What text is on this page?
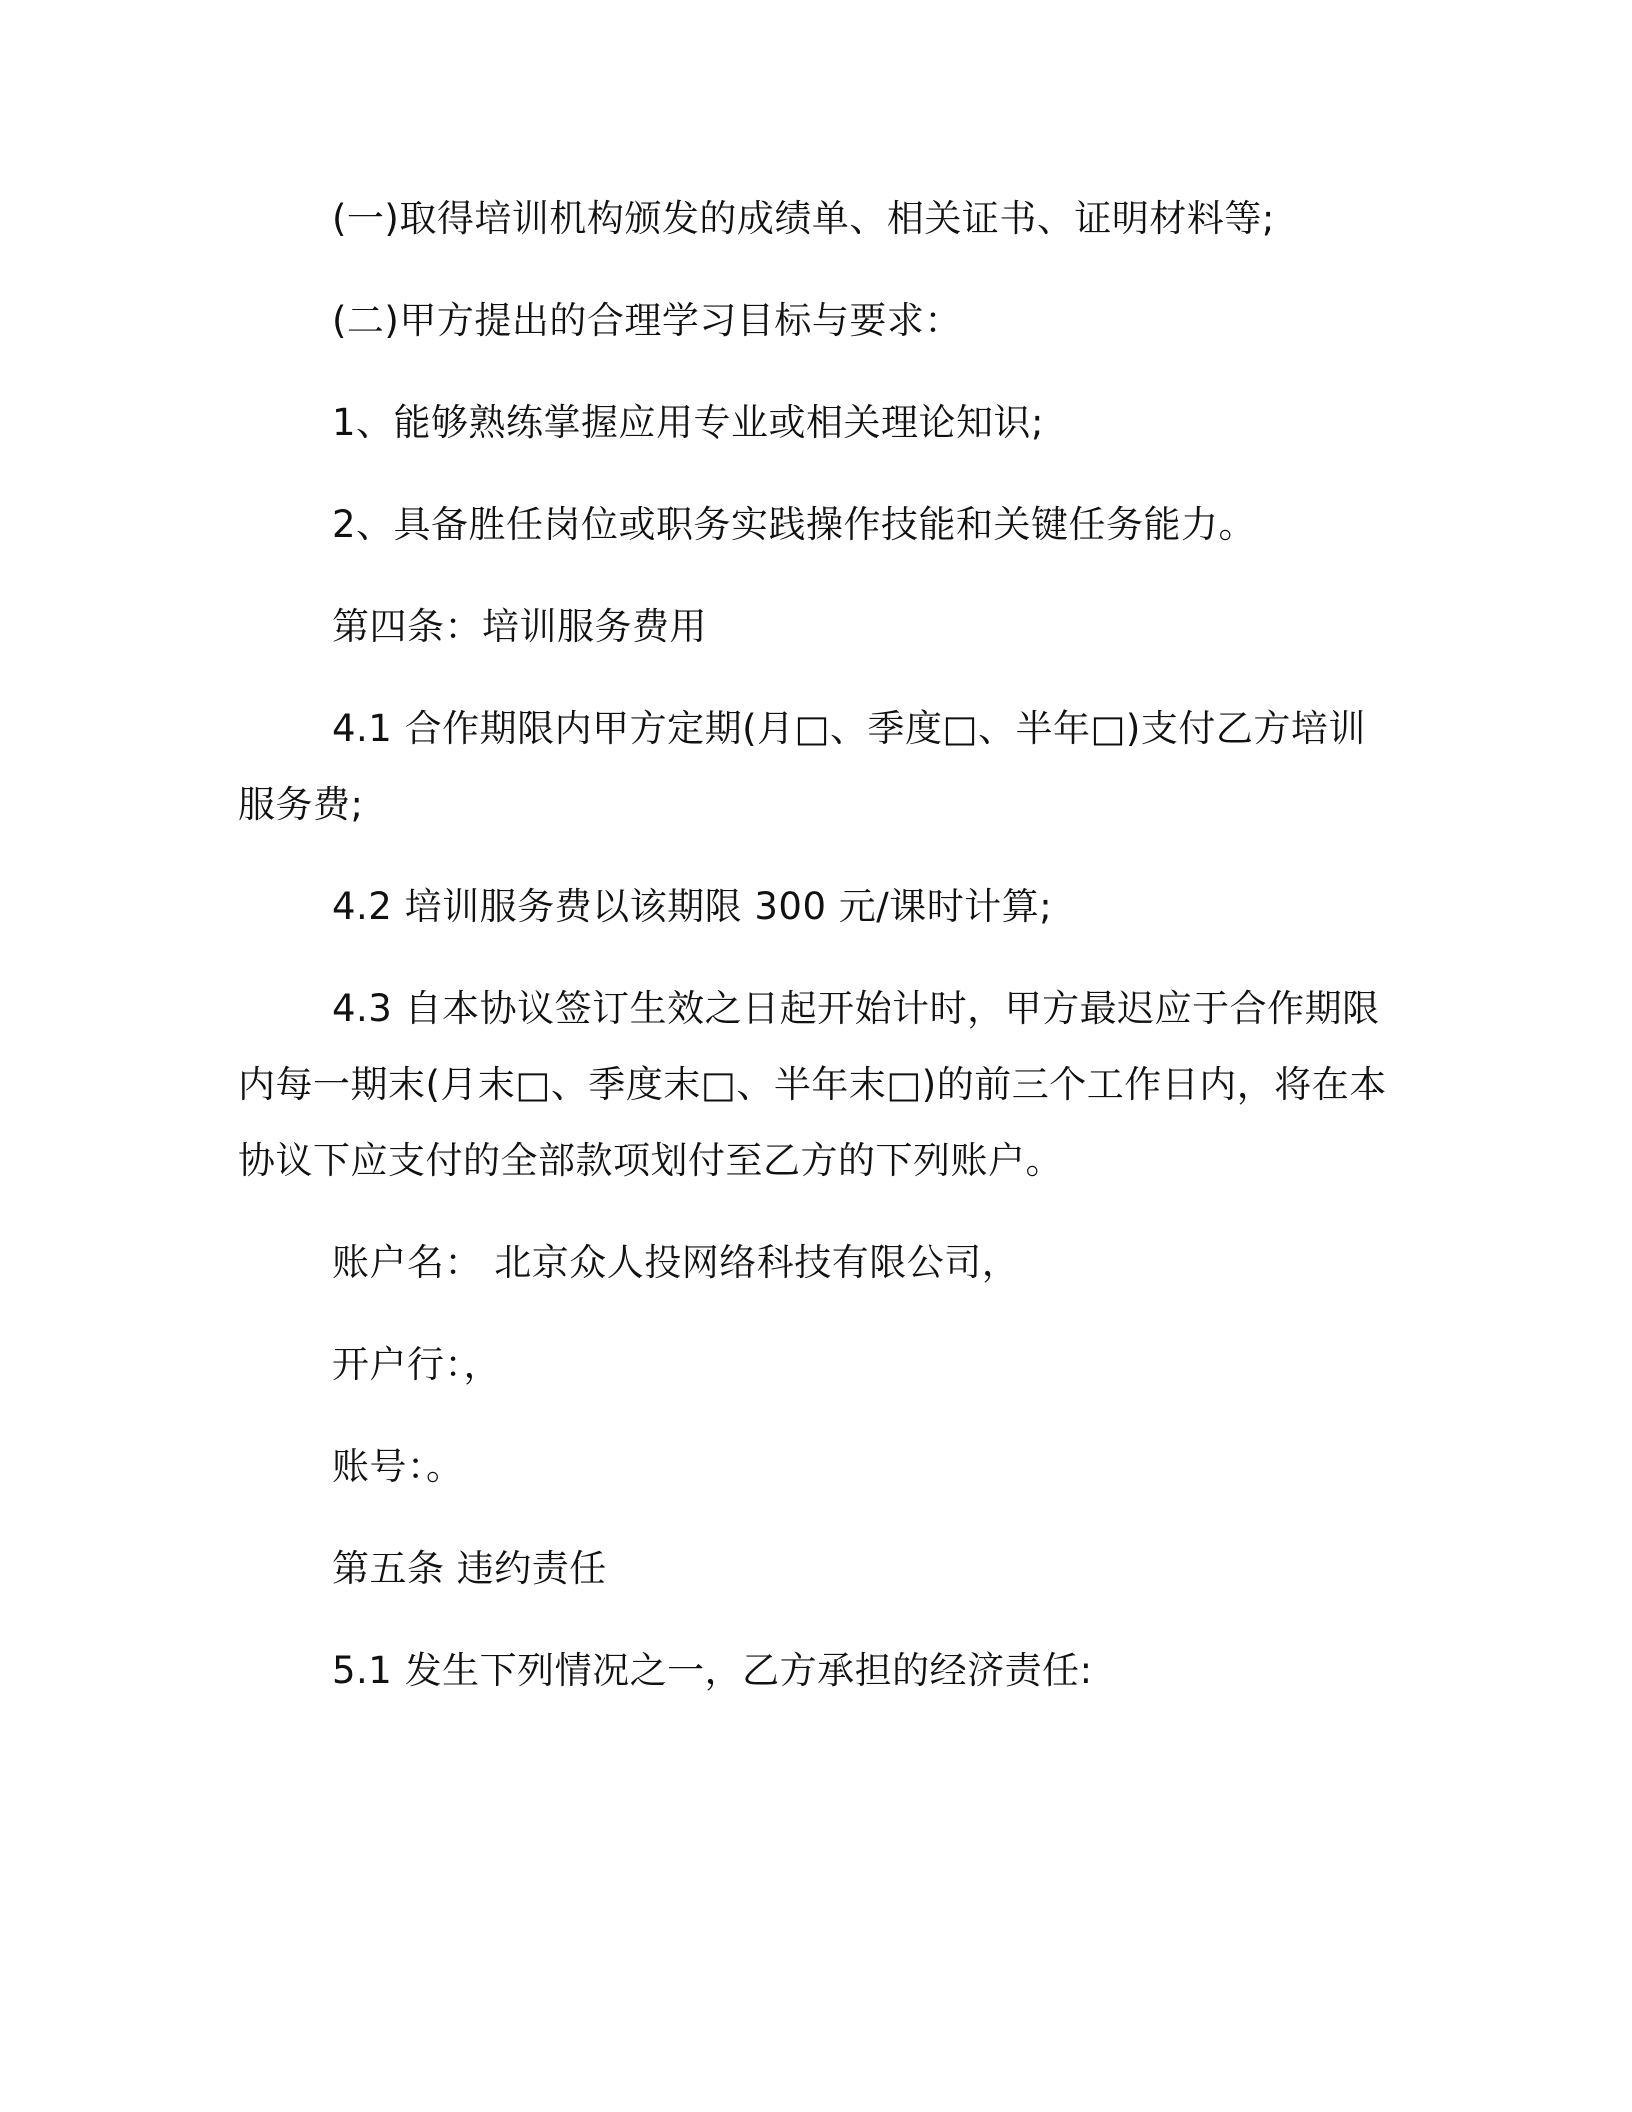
(一)取得培训机构颁发的成绩单、相关证书、证明材料等;

(二)甲方提出的合理学习目标与要求：

1、能够熟练掌握应用专业或相关理论知识;

2、具备胜任岗位或职务实践操作技能和关键任务能力。

第四条：培训服务费用

4.1 合作期限内甲方定期(月□、季度□、半年□)支付乙方培训

服务费;

4.2 培训服务费以该期限 300 元/课时计算;

4.3 自本协议签订生效之日起开始计时，甲方最迟应于合作期限

内每一期末(月末□、季度末□、半年末□)的前三个工作日内，将在本

协议下应支付的全部款项划付至乙方的下列账户。

账户名： 北京众人投网络科技有限公司，

开户行：，

账号：。

第五条 违约责任

5.1 发生下列情况之一，乙方承担的经济责任:
